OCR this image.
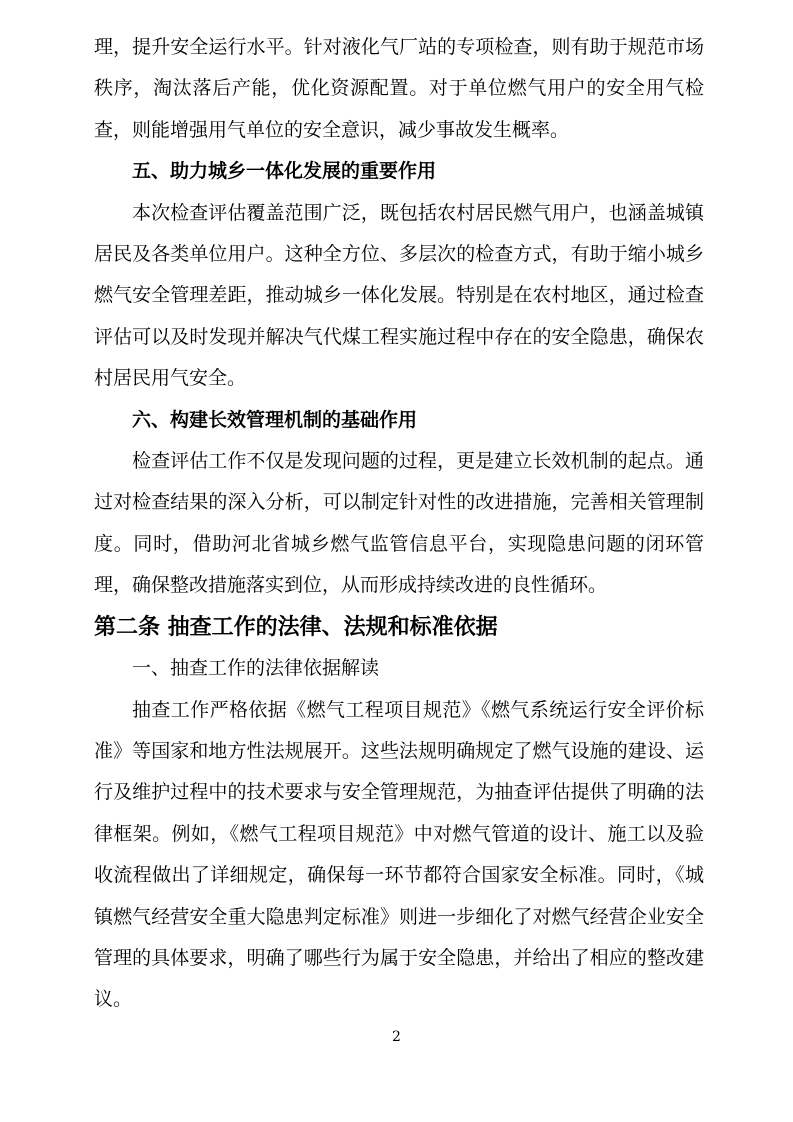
理，提升安全运行水平。针对液化气厂站的专项检查，则有助于规范市场秩序，淘汰落后产能，优化资源配置。对于单位燃气用户的安全用气检查，则能增强用气单位的安全意识，减少事故发生概率。

五、助力城乡一体化发展的重要作用

本次检查评估覆盖范围广泛，既包括农村居民燃气用户，也涵盖城镇居民及各类单位用户。这种全方位、多层次的检查方式，有助于缩小城乡燃气安全管理差距，推动城乡一体化发展。特别是在农村地区，通过检查评估可以及时发现并解决气代煤工程实施过程中存在的安全隐患，确保农村居民用气安全。

六、构建长效管理机制的基础作用

检查评估工作不仅是发现问题的过程，更是建立长效机制的起点。通过对检查结果的深入分析，可以制定针对性的改进措施，完善相关管理制度。同时，借助河北省城乡燃气监管信息平台，实现隐患问题的闭环管理，确保整改措施落实到位，从而形成持续改进的良性循环。

第二条 抽查工作的法律、法规和标准依据

一、抽查工作的法律依据解读

抽查工作严格依据《燃气工程项目规范》《燃气系统运行安全评价标准》等国家和地方性法规展开。这些法规明确规定了燃气设施的建设、运行及维护过程中的技术要求与安全管理规范，为抽查评估提供了明确的法律框架。例如，《燃气工程项目规范》中对燃气管道的设计、施工以及验收流程做出了详细规定，确保每一环节都符合国家安全标准。同时，《城镇燃气经营安全重大隐患判定标准》则进一步细化了对燃气经营企业安全管理的具体要求，明确了哪些行为属于安全隐患，并给出了相应的整改建议。

2
